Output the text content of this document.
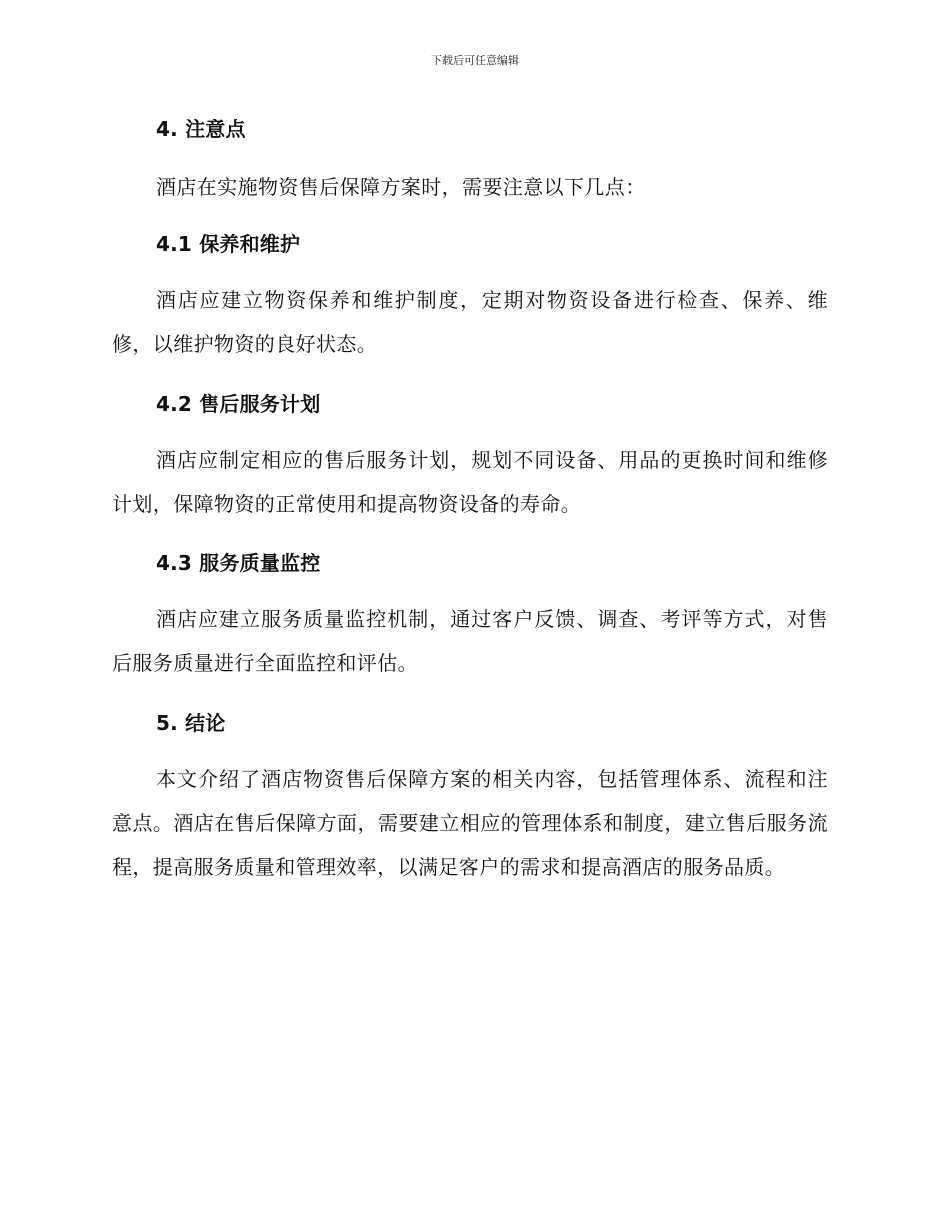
下载后可任意编辑
4. 注意点

酒店在实施物资售后保障方案时，需要注意以下几点：

4.1 保养和维护

酒店应建立物资保养和维护制度，定期对物资设备进行检查、保养、维修，以维护物资的良好状态。

4.2 售后服务计划

酒店应制定相应的售后服务计划，规划不同设备、用品的更换时间和维修计划，保障物资的正常使用和提高物资设备的寿命。

4.3 服务质量监控

酒店应建立服务质量监控机制，通过客户反馈、调查、考评等方式，对售后服务质量进行全面监控和评估。

5. 结论

本文介绍了酒店物资售后保障方案的相关内容，包括管理体系、流程和注意点。酒店在售后保障方面，需要建立相应的管理体系和制度，建立售后服务流程，提高服务质量和管理效率，以满足客户的需求和提高酒店的服务品质。
